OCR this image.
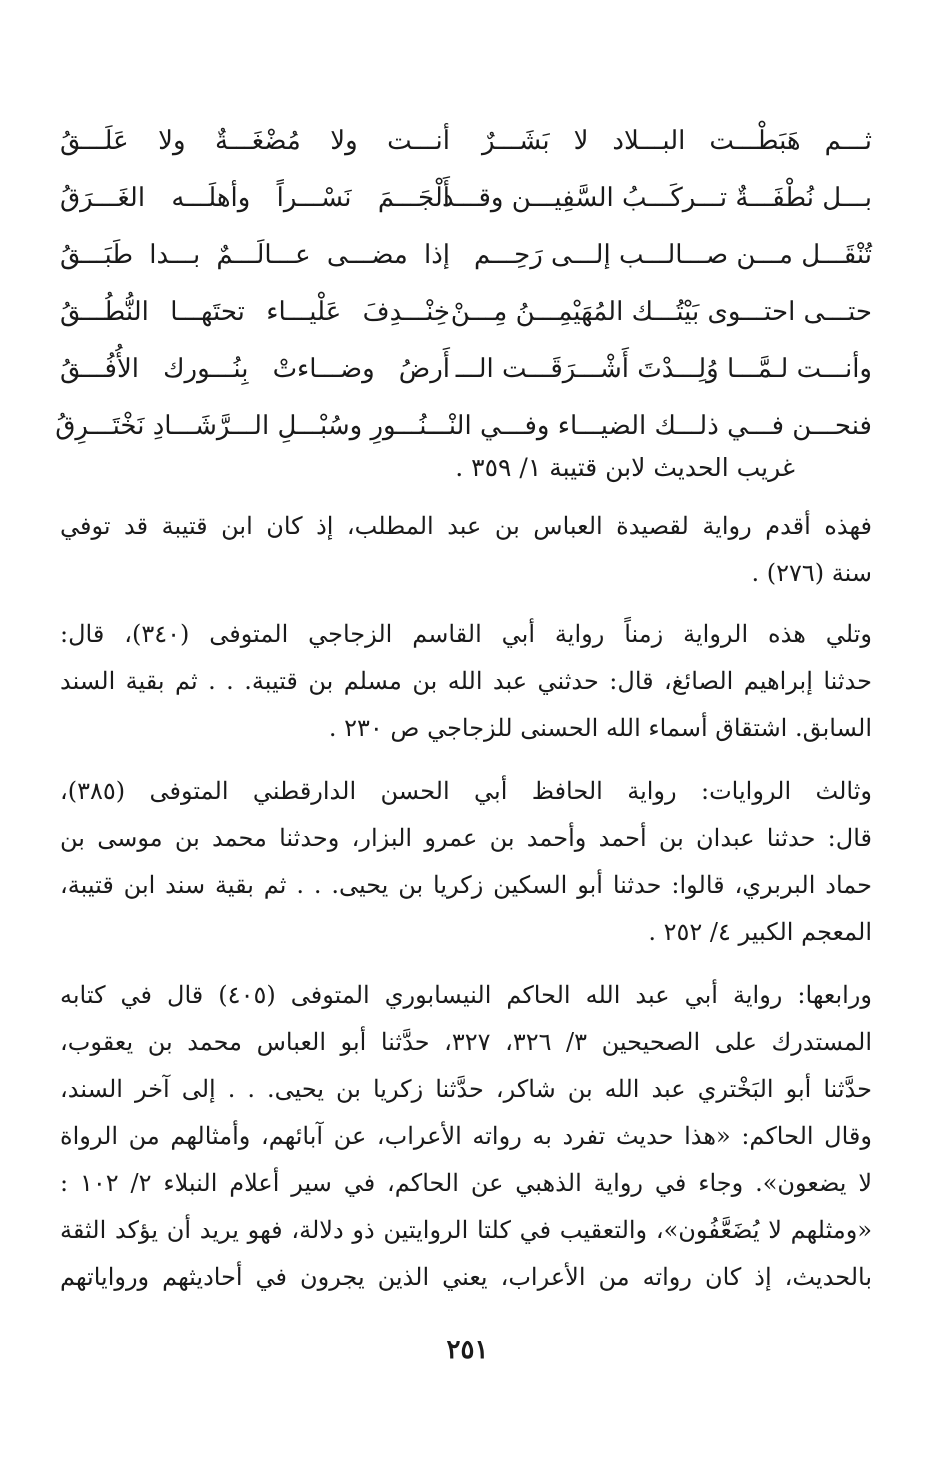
ثـــم هَبَطْـــت البـــلاد لا بَشَـــرٌ
أنـــت ولا مُضْغَـــةٌ ولا عَلَـــقُ
بـــل نُطْفَـــةٌ تـــركَـــبُ السَّفِيـــن وقـــد
أَلْجَـــمَ نَسْـــراً وأهلَـــه الغَـــرَقُ
تُنْقَـــل مـــن صـــالـــب إلـــى رَحِـــم
إذا مضـــى عـــالَـــمٌ بـــدا طَبَـــقُ
حتـــى احتـــوى بَيْتُـــك المُهَيْمِـــنُ مِـــنْ
خِنْـــدِفَ عَلْيـــاء تحتَهـــا النُّطُـــقُ
وأنـــت لـمَّـــا وُلِـــدْتَ أَشْـــرَقَـــت الـــ
أَرضُ وضـــاءتْ بِنُـــورك الأُفُـــقُ
فنحـــن فـــي ذلـــك الضيـــاء وفـــي النْـــ
ـــنُـــورِ وسُبْـــلِ الـــرَّشَـــادِ نَخْتَـــرِقُ
غريب الحديث لابن قتيبة ١/ ٣٥٩ .
فهذه أقدم رواية لقصيدة العباس بن عبد المطلب، إذ كان ابن قتيبة قد توفي
سنة (٢٧٦) .
وتلي هذه الرواية زمناً رواية أبي القاسم الزجاجي المتوفى (٣٤٠)، قال:
حدثنا إبراهيم الصائغ، قال: حدثني عبد الله بن مسلم بن قتيبة. . . ثم بقية السند
السابق. اشتقاق أسماء الله الحسنى للزجاجي ص ٢٣٠ .
وثالث الروايات: رواية الحافظ أبي الحسن الدارقطني المتوفى (٣٨٥)،
قال: حدثنا عبدان بن أحمد وأحمد بن عمرو البزار، وحدثنا محمد بن موسى بن
حماد البربري، قالوا: حدثنا أبو السكين زكريا بن يحيى. . . ثم بقية سند ابن قتيبة،
المعجم الكبير ٤/ ٢٥٢ .
ورابعها: رواية أبي عبد الله الحاكم النيسابوري المتوفى (٤٠٥) قال في كتابه
المستدرك على الصحيحين ٣/ ٣٢٦، ٣٢٧، حدَّثنا أبو العباس محمد بن يعقوب،
حدَّثنا أبو البَخْتري عبد الله بن شاكر، حدَّثنا زكريا بن يحيى. . . إلى آخر السند،
وقال الحاكم: «هذا حديث تفرد به رواته الأعراب، عن آبائهم، وأمثالهم من الرواة
لا يضعون». وجاء في رواية الذهبي عن الحاكم، في سير أعلام النبلاء ٢/ ١٠٢ :
«ومثلهم لا يُضَعَّفُون»، والتعقيب في كلتا الروايتين ذو دلالة، فهو يريد أن يؤكد الثقة
بالحديث، إذ كان رواته من الأعراب، يعني الذين يجرون في أحاديثهم ورواياتهم
٢٥١
